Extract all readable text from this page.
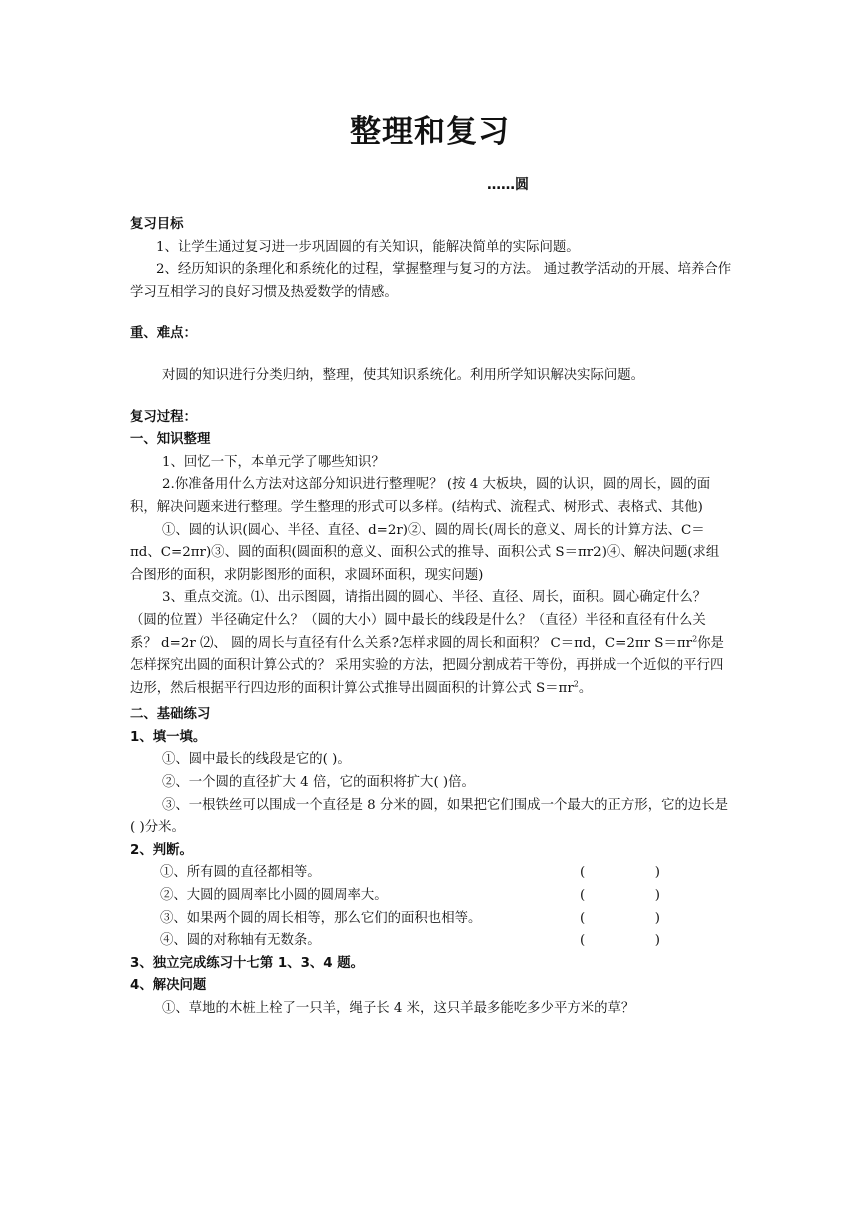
整理和复习
……圆

复习目标

1、让学生通过复习进一步巩固圆的有关知识，能解决简单的实际问题。

2、经历知识的条理化和系统化的过程，掌握整理与复习的方法。 通过教学活动的开展、培养合作学习互相学习的良好习惯及热爱数学的情感。

重、难点：

对圆的知识进行分类归纳，整理，使其知识系统化。利用所学知识解决实际问题。

复习过程：

一、知识整理

1、回忆一下，本单元学了哪些知识？

2.你准备用什么方法对这部分知识进行整理呢？ (按 4 大板块，圆的认识，圆的周长，圆的面积，解决问题来进行整理。学生整理的形式可以多样。(结构式、流程式、树形式、表格式、其他)

①、圆的认识(圆心、半径、直径、d=2r)②、圆的周长(周长的意义、周长的计算方法、C＝πd、C=2πr)③、圆的面积(圆面积的意义、面积公式的推导、面积公式 S＝πr2)④、解决问题(求组合图形的面积，求阴影图形的面积，求圆环面积，现实问题)

3、重点交流。⑴、出示图圆，请指出圆的圆心、半径、直径、周长，面积。圆心确定什么？（圆的位置）半径确定什么？（圆的大小）圆中最长的线段是什么？（直径）半径和直径有什么关系？ d=2r ⑵、 圆的周长与直径有什么关系?怎样求圆的周长和面积？ C＝πd，C=2πr $S=\pi r^2$你是怎样探究出圆的面积计算公式的？ 采用实验的方法，把圆分割成若干等份，再拼成一个近似的平行四边形，然后根据平行四边形的面积计算公式推导出圆面积的计算公式 $S=\pi r^2$。

二、基础练习

1、填一填。

①、圆中最长的线段是它的( )。

②、一个圆的直径扩大 4 倍，它的面积将扩大( )倍。

③、一根铁丝可以围成一个直径是 8 分米的圆，如果把它们围成一个最大的正方形，它的边长是( )分米。

2、判断。

①、所有圆的直径都相等。	(	)
②、大圆的圆周率比小圆的圆周率大。	(	)
③、如果两个圆的周长相等，那么它们的面积也相等。	(	)
④、圆的对称轴有无数条。	(	)

3、独立完成练习十七第 1、3、4 题。

4、解决问题

①、草地的木桩上栓了一只羊，绳子长 4 米，这只羊最多能吃多少平方米的草？
